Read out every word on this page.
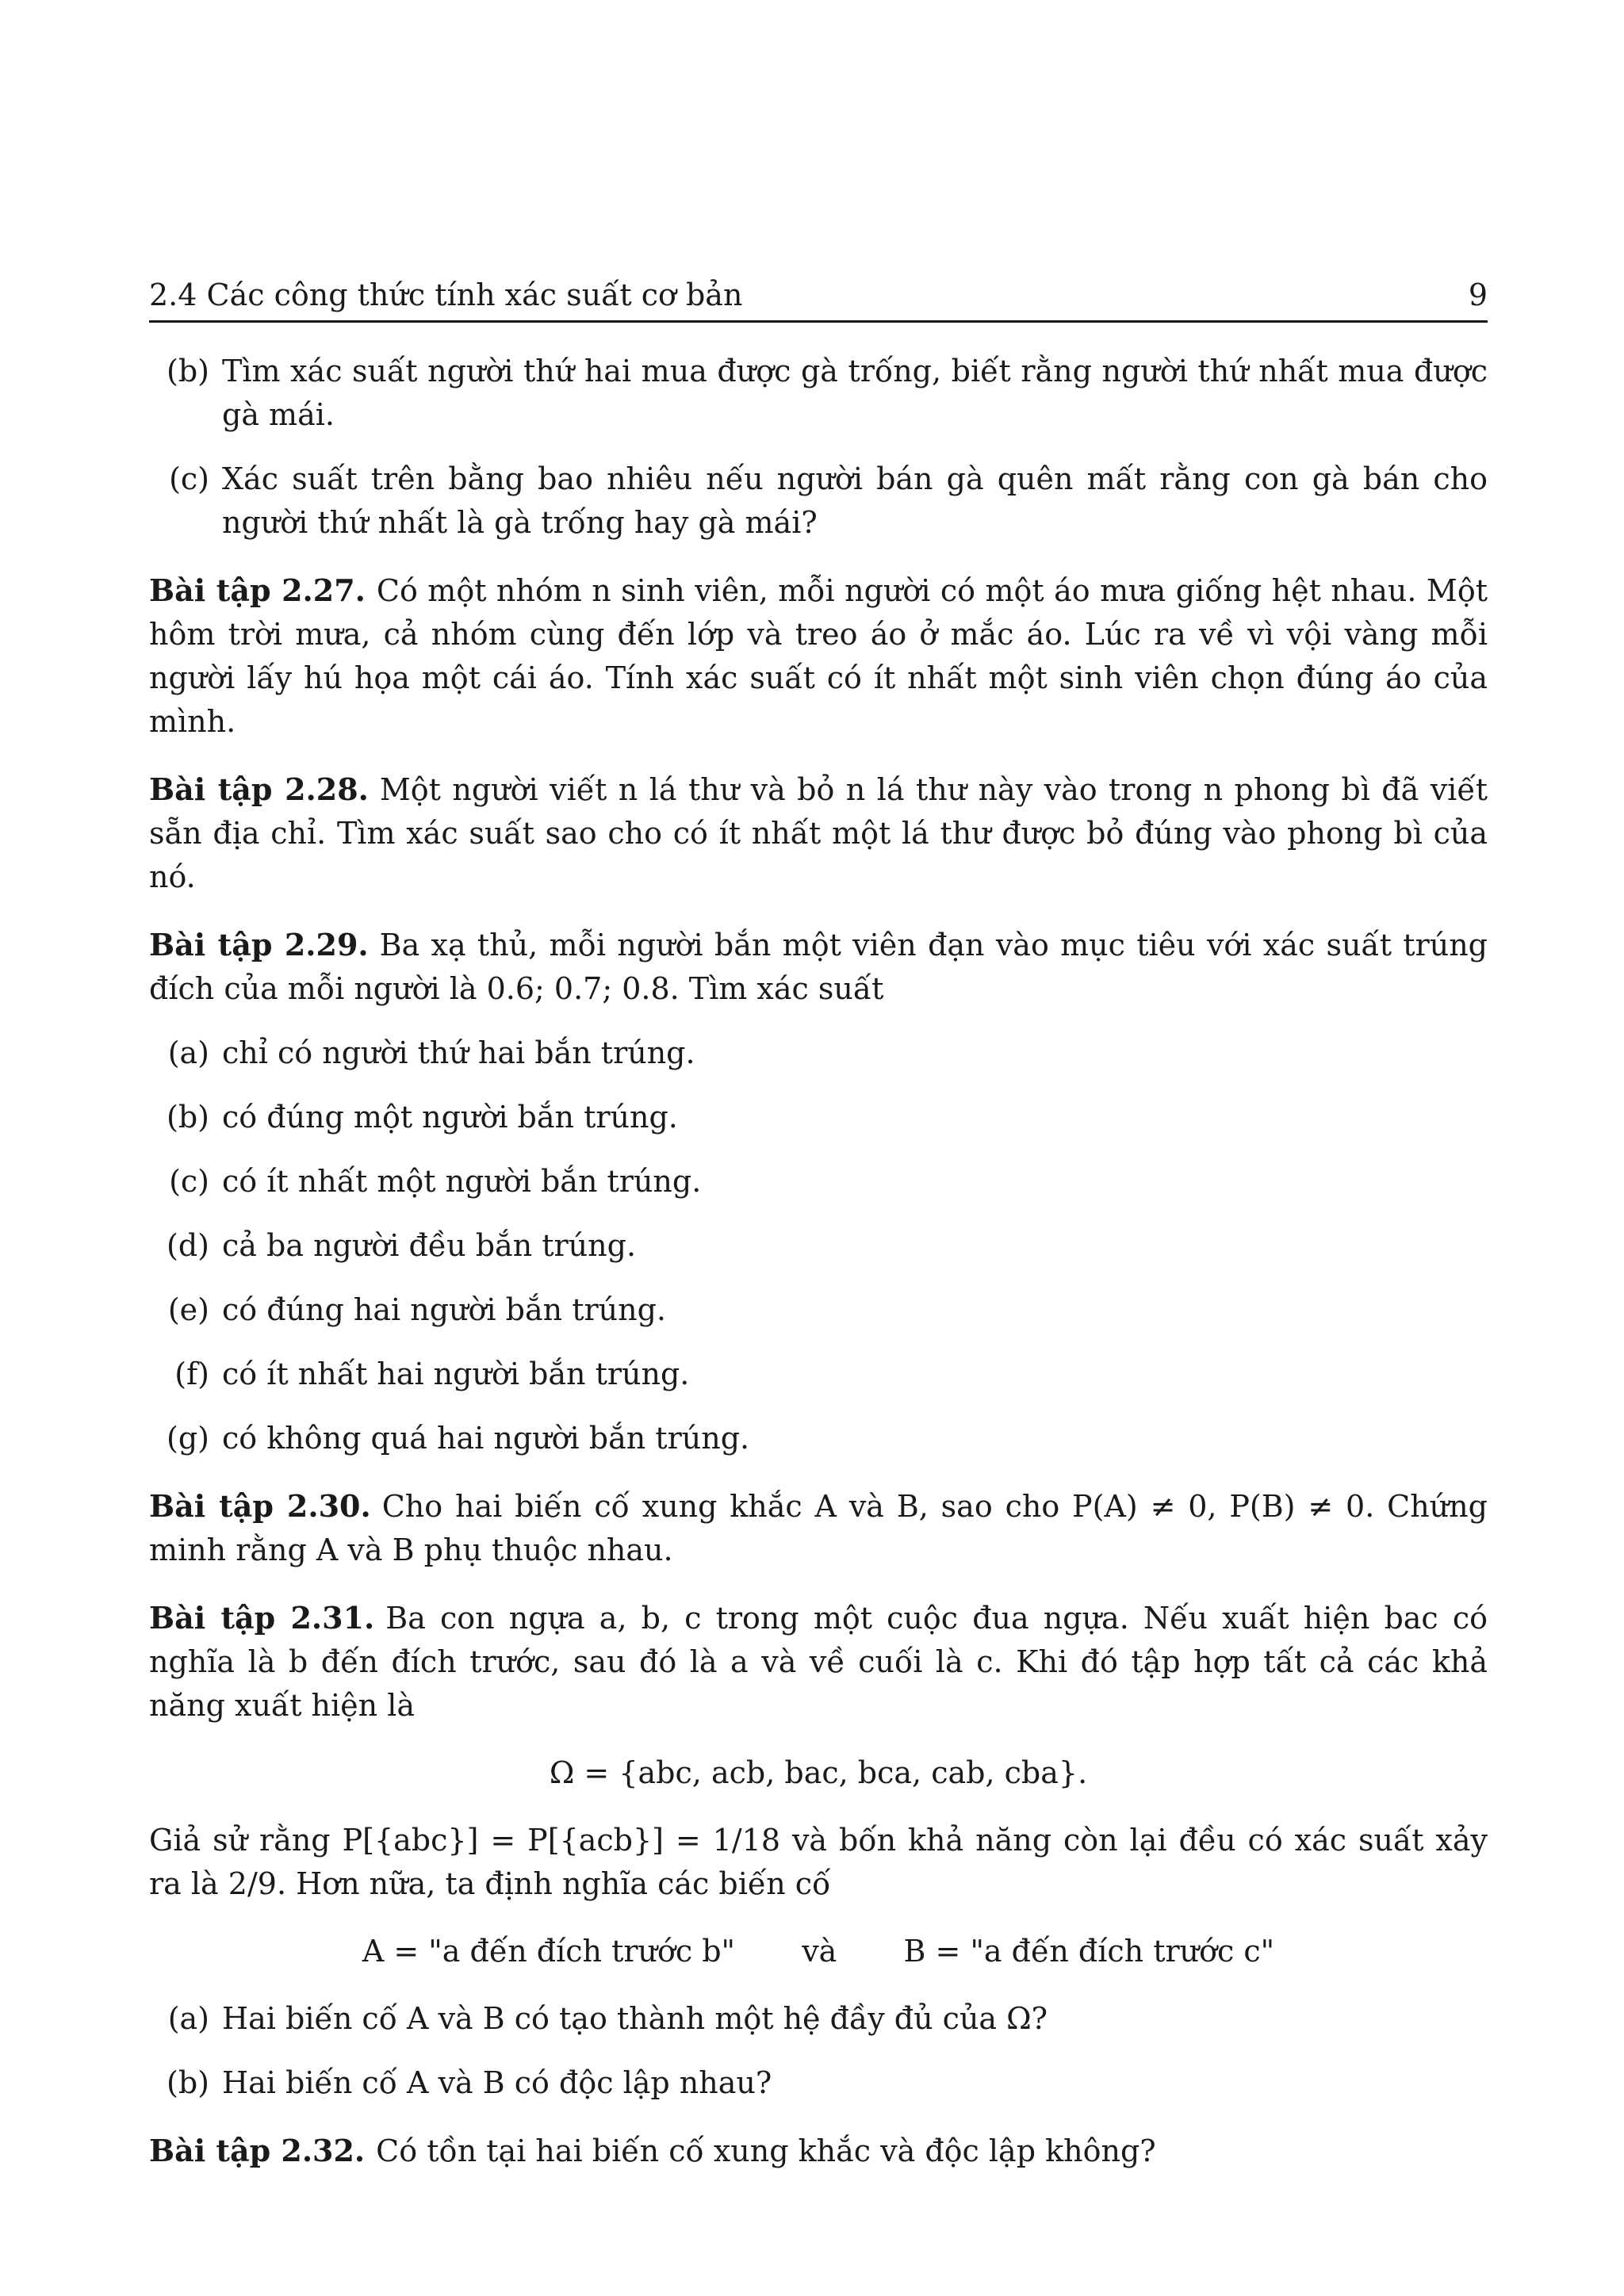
2.4 Các công thức tính xác suất cơ bản	9
(b) Tìm xác suất người thứ hai mua được gà trống, biết rằng người thứ nhất mua được gà mái.
(c) Xác suất trên bằng bao nhiêu nếu người bán gà quên mất rằng con gà bán cho người thứ nhất là gà trống hay gà mái?

Bài tập 2.27. Có một nhóm n sinh viên, mỗi người có một áo mưa giống hệt nhau. Một hôm trời mưa, cả nhóm cùng đến lớp và treo áo ở mắc áo. Lúc ra về vì vội vàng mỗi người lấy hú họa một cái áo. Tính xác suất có ít nhất một sinh viên chọn đúng áo của mình.

Bài tập 2.28. Một người viết n lá thư và bỏ n lá thư này vào trong n phong bì đã viết sẵn địa chỉ. Tìm xác suất sao cho có ít nhất một lá thư được bỏ đúng vào phong bì của nó.

Bài tập 2.29. Ba xạ thủ, mỗi người bắn một viên đạn vào mục tiêu với xác suất trúng đích của mỗi người là 0.6; 0.7; 0.8. Tìm xác suất

(a) chỉ có người thứ hai bắn trúng.
(b) có đúng một người bắn trúng.
(c) có ít nhất một người bắn trúng.
(d) cả ba người đều bắn trúng.
(e) có đúng hai người bắn trúng.
(f) có ít nhất hai người bắn trúng.
(g) có không quá hai người bắn trúng.

Bài tập 2.30. Cho hai biến cố xung khắc A và B, sao cho P(A) ≠ 0, P(B) ≠ 0. Chứng minh rằng A và B phụ thuộc nhau.

Bài tập 2.31. Ba con ngựa a, b, c trong một cuộc đua ngựa. Nếu xuất hiện bac có nghĩa là b đến đích trước, sau đó là a và về cuối là c. Khi đó tập hợp tất cả các khả năng xuất hiện là

Ω = {abc, acb, bac, bca, cab, cba}.

Giả sử rằng P[{abc}] = P[{acb}] = 1/18 và bốn khả năng còn lại đều có xác suất xảy ra là 2/9. Hơn nữa, ta định nghĩa các biến cố

A = "a đến đích trước b" và B = "a đến đích trước c"
(a) Hai biến cố A và B có tạo thành một hệ đầy đủ của Ω?
(b) Hai biến cố A và B có độc lập nhau?

Bài tập 2.32. Có tồn tại hai biến cố xung khắc và độc lập không?
